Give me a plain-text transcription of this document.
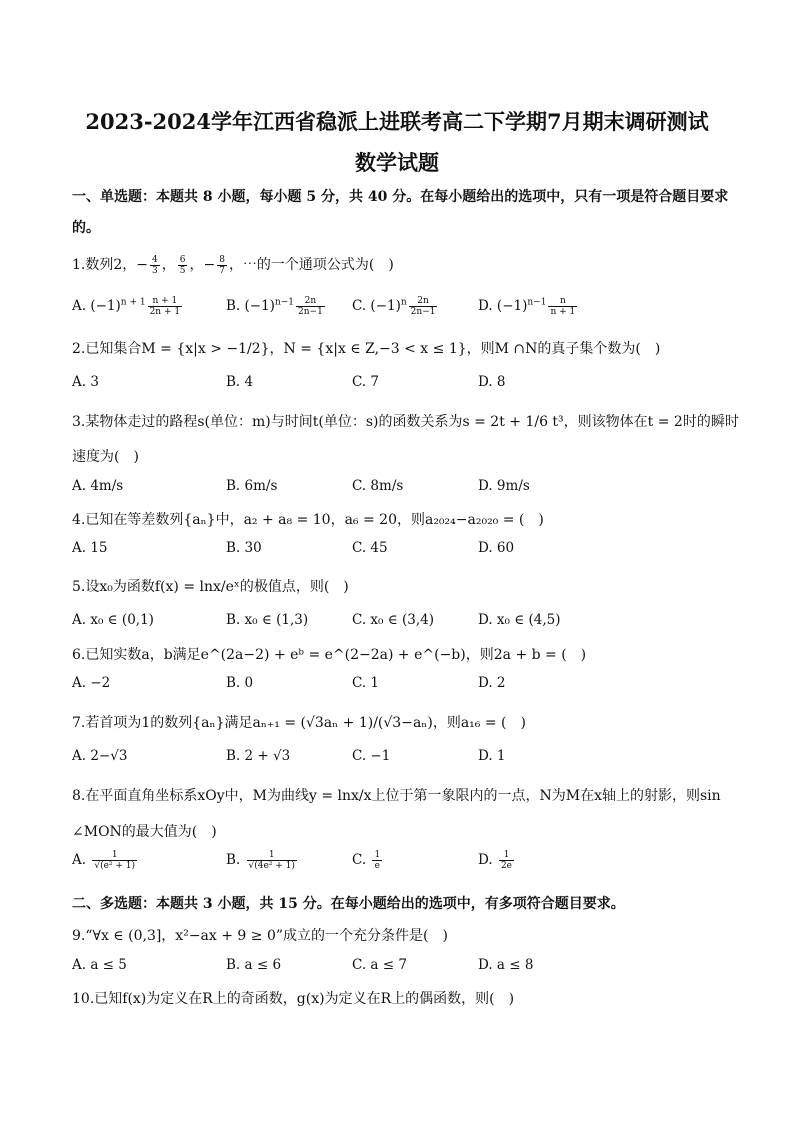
2023-2024学年江西省稳派上进联考高二下学期7月期末调研测试
数学试题
一、单选题：本题共 8 小题，每小题 5 分，共 40 分。在每小题给出的选项中，只有一项是符合题目要求
的。
1.数列2，− $\frac{4}{3}$ ， $\frac{6}{5}$ ，− $\frac{8}{7}$ ，⋯的一个通项公式为(　)
A. $(-1)^{n + 1} \frac{n + 1}{2n + 1}$	B. $(-1)^{n-1} \frac{2n}{2n-1} C$. $(-1)^n \frac{2n}{2n-1}$	D. $(-1)^{n-1} \frac{n}{n + 1}$
2.已知集合M = {x|x > −1/2}，N = {x|x ∈ Z,−3 < x ≤ 1}，则M ∩N的真子集个数为(　)
A. 3	B. 4	C. 7	D. 8
3.某物体走过的路程s(单位：m)与时间t(单位：s)的函数关系为s = 2t + 1/6 t³，则该物体在t = 2时的瞬时
速度为(　)
A. 4m/s	B. 6m/s	C. 8m/s	D. 9m/s
4.已知在等差数列{aₙ}中，a₂ + a₈ = 10，a₆ = 20，则a₂₀₂₄−a₂₀₂₀ = (　)
A. 15	B. 30	C. 45	D. 60
5.设x₀为函数f(x) = lnx/eˣ的极值点，则(　)
A. x₀ ∈ (0,1)	B. x₀ ∈ (1,3)	C. x₀ ∈ (3,4)	D. x₀ ∈ (4,5)
6.已知实数a，b满足e^(2a−2) + eᵇ = e^(2−2a) + e^(−b)，则2a + b = (　)
A. −2	B. 0	C. 1	D. 2
7.若首项为1的数列{aₙ}满足aₙ₊₁ = (√3aₙ + 1)/(√3−aₙ)，则a₁₆ = (　)
A. 2−√3	B. 2 + √3	C. −1	D. 1
8.在平面直角坐标系xOy中，M为曲线y = lnx/x上位于第一象限内的一点，N为M在x轴上的射影，则sin
∠MON的最大值为(　)
A. $\frac{1}{\text{√(e² + 1)}}$	B. $\frac{1}{\text{√(4e² + 1)}}$	C. $\frac{1}{e}$	D. $\frac{1}{2e}$
二、多选题：本题共 3 小题，共 15 分。在每小题给出的选项中，有多项符合题目要求。
9.“∀x ∈ (0,3]，x²−ax + 9 ≥ 0”成立的一个充分条件是(　)
A. a ≤ 5	B. a ≤ 6	C. a ≤ 7	D. a ≤ 8
10.已知f(x)为定义在R上的奇函数，g(x)为定义在R上的偶函数，则(　)
